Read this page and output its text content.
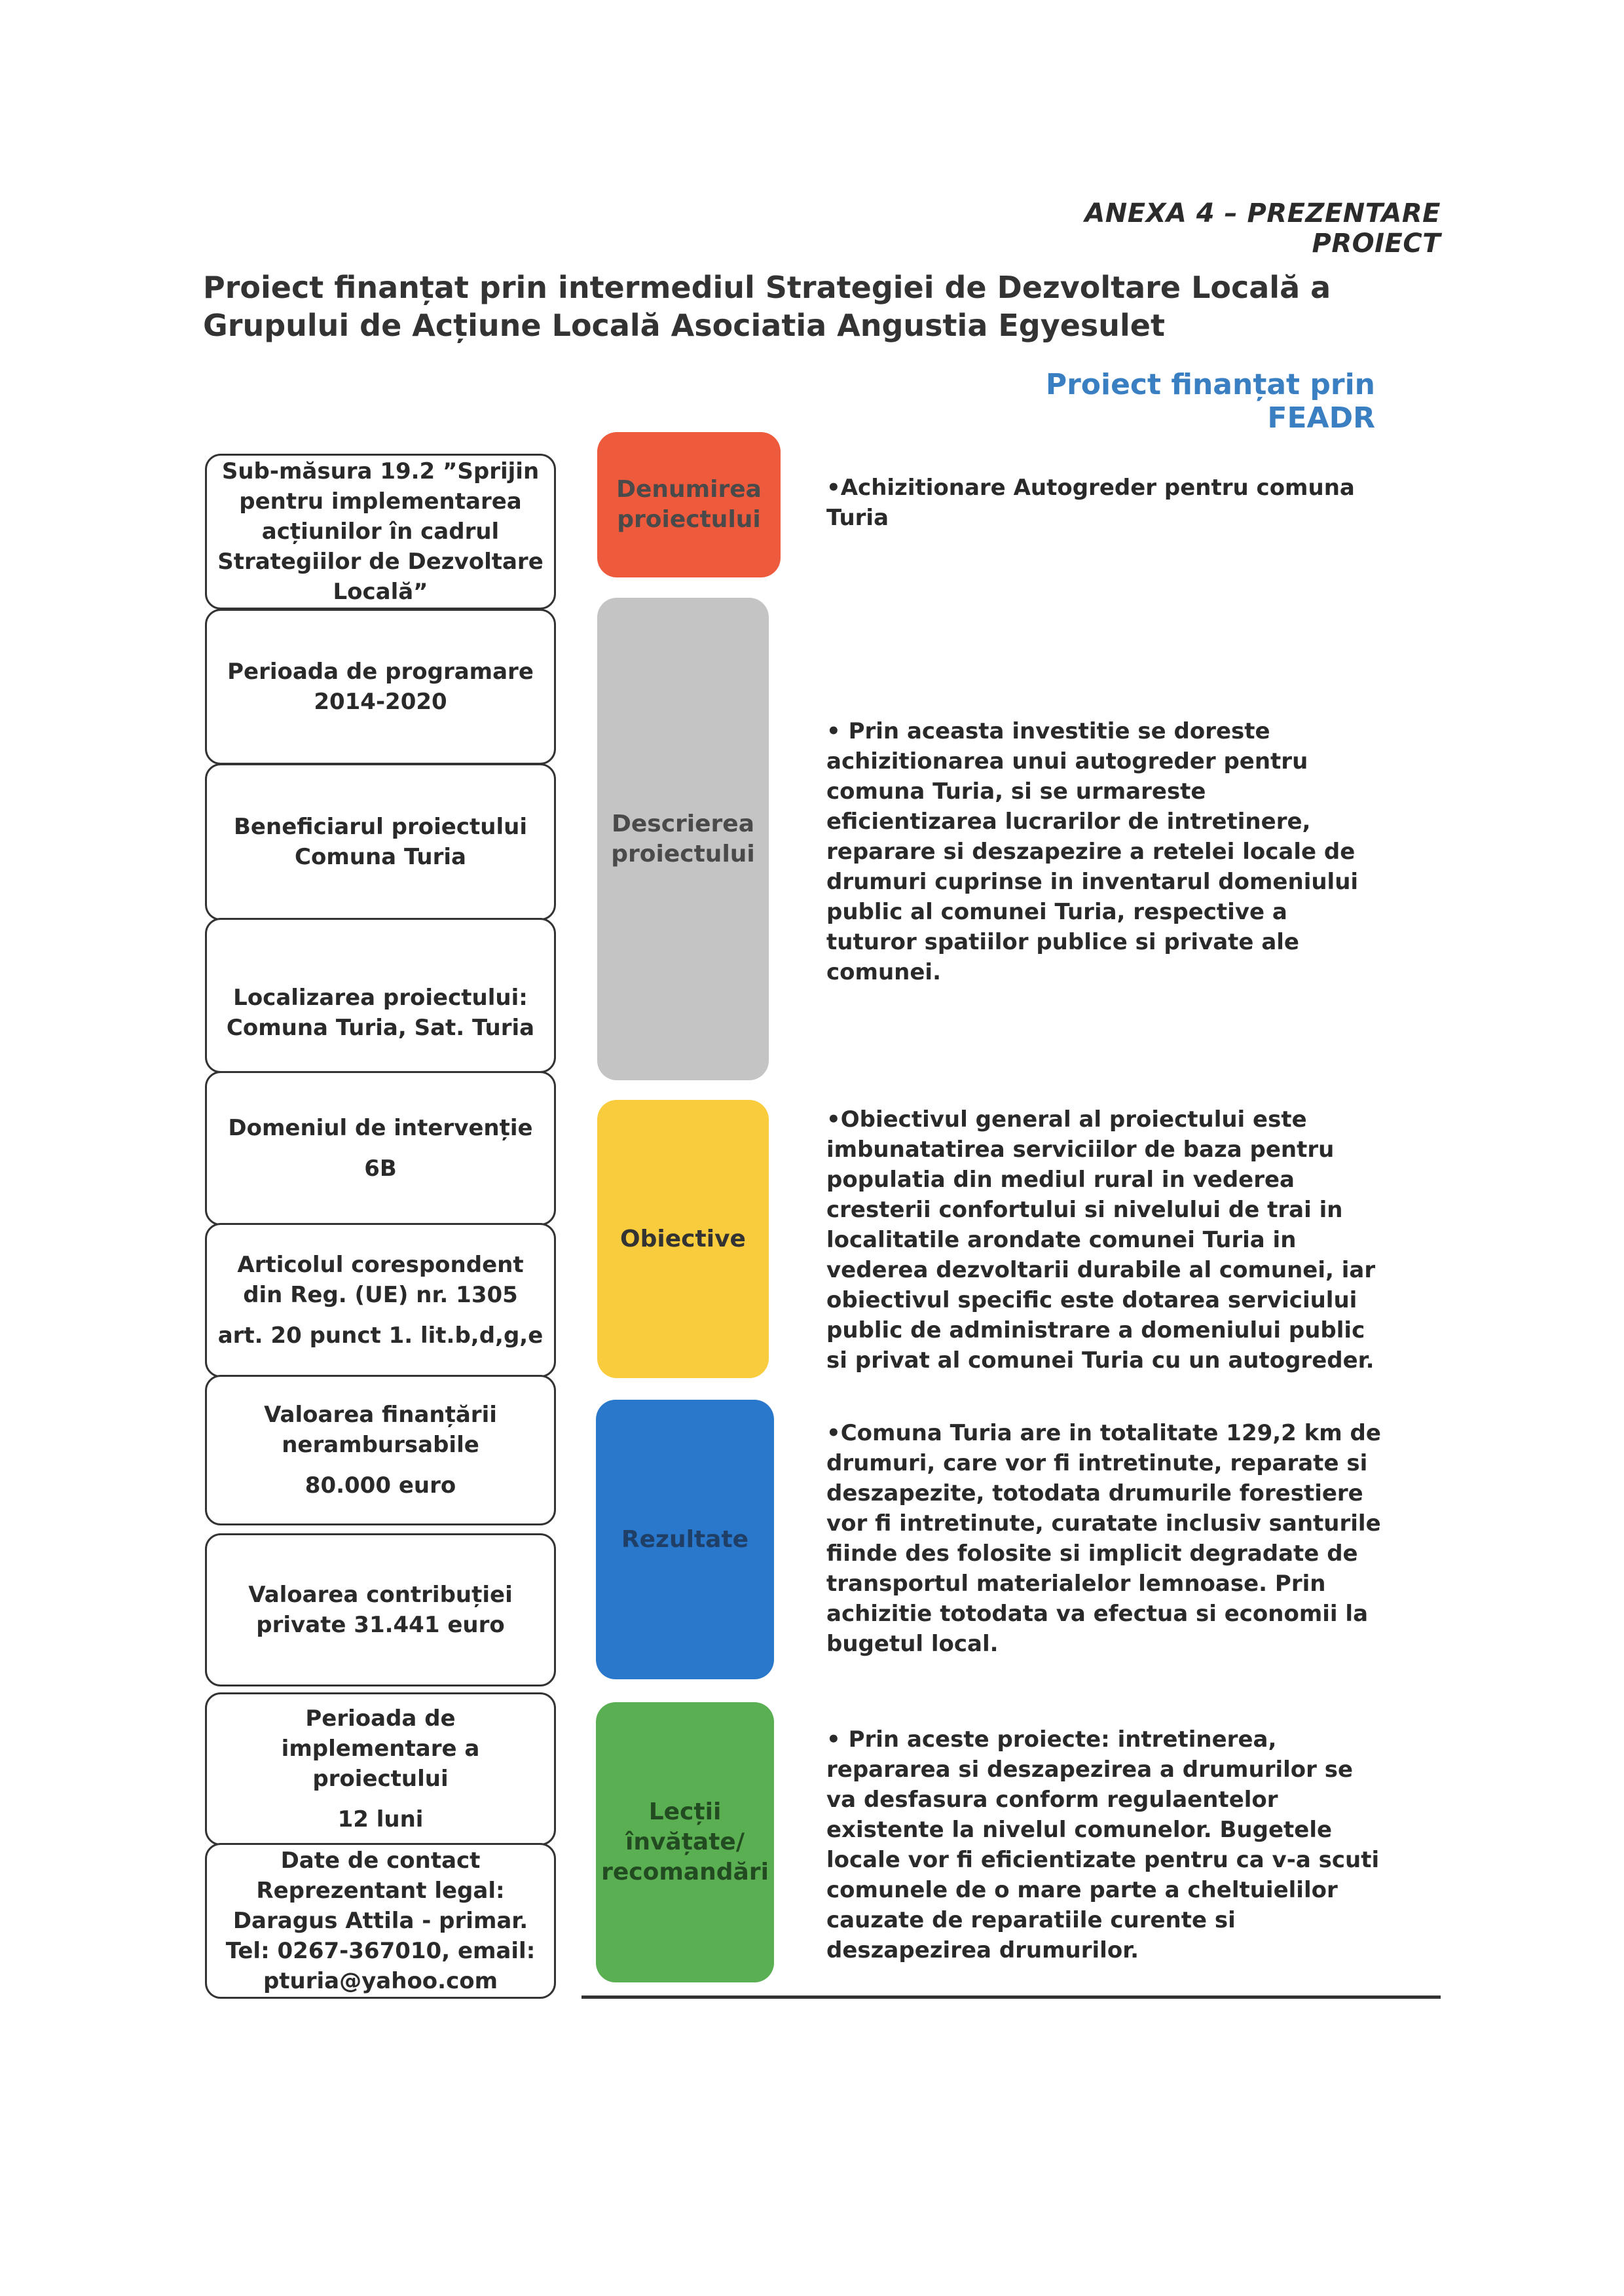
ANEXA 4 – PREZENTARE PROIECT
Proiect finanțat prin intermediul Strategiei de Dezvoltare Locală a Grupului de Acțiune Locală Asociatia Angustia Egyesulet
Proiect finanțat prin FEADR
Sub-măsura 19.2 ”Sprijin pentru implementarea acțiunilor în cadrul Strategiilor de Dezvoltare Locală”
Perioada de programare
2014-2020
Beneficiarul proiectului
Comuna Turia
Localizarea proiectului:
Comuna Turia, Sat. Turia
Domeniul de intervenție
6B
Articolul corespondent din Reg. (UE) nr. 1305
art. 20 punct 1. lit.b,d,g,e
Valoarea finanțării nerambursabile
80.000 euro
Valoarea contribuției private 31.441 euro
Perioada de implementare a proiectului
12 luni
Date de contact Reprezentant legal: Daragus Attila - primar. Tel: 0267-367010, email: pturia@yahoo.com
Denumirea proiectului
Descrierea proiectului
Obiective
Rezultate
Lecții învățate/ recomandări
•Achizitionare Autogreder pentru comuna Turia
• Prin aceasta investitie se doreste achizitionarea unui autogreder pentru comuna Turia, si se urmareste eficientizarea lucrarilor de intretinere, reparare si deszapezire a retelei locale de drumuri cuprinse in inventarul domeniului public al comunei Turia, respective a tuturor spatiilor publice si private ale comunei.
•Obiectivul general al proiectului este imbunatatirea serviciilor de baza pentru populatia din mediul rural in vederea cresterii confortului si nivelului de trai in localitatile arondate comunei Turia in vederea dezvoltarii durabile al comunei, iar obiectivul specific este dotarea serviciului public de administrare a domeniului public si privat al comunei Turia cu un autogreder.
•Comuna Turia are in totalitate 129,2 km de drumuri, care vor fi intretinute, reparate si deszapezite, totodata drumurile forestiere vor fi intretinute, curatate inclusiv santurile fiinde des folosite si implicit degradate de transportul materialelor lemnoase. Prin achizitie totodata va efectua si economii la bugetul local.
• Prin aceste proiecte: intretinerea, repararea si deszapezirea a drumurilor se va desfasura conform regulaentelor existente la nivelul comunelor. Bugetele locale vor fi eficientizate pentru ca v-a scuti comunele de o mare parte a cheltuielilor cauzate de reparatiile curente si deszapezirea drumurilor.
